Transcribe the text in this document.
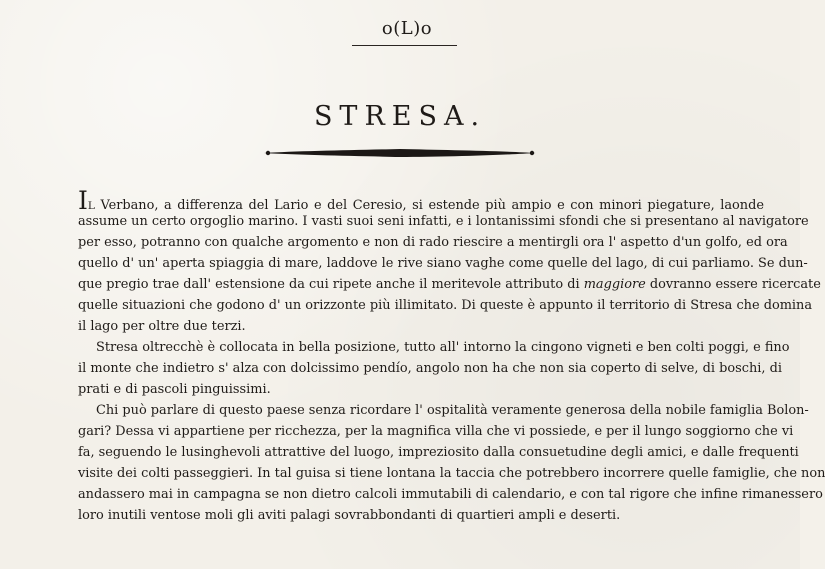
o(L)o
STRESA.
IL Verbano, a differenza del Lario e del Ceresio, si estende più ampio e con minori piegature, laonde
assume un certo orgoglio marino. I vasti suoi seni infatti, e i lontanissimi sfondi che si presentano al navigatore
per esso, potranno con qualche argomento e non di rado riescire a mentirgli ora l' aspetto d'un golfo, ed ora
quello d' un' aperta spiaggia di mare, laddove le rive siano vaghe come quelle del lago, di cui parliamo. Se dun-
que pregio trae dall' estensione da cui ripete anche il meritevole attributo di maggiore dovranno essere ricercate
quelle situazioni che godono d' un orizzonte più illimitato. Di queste è appunto il territorio di Stresa che domina
il lago per oltre due terzi.
Stresa oltrecchè è collocata in bella posizione, tutto all' intorno la cingono vigneti e ben colti poggi, e fino
il monte che indietro s' alza con dolcissimo pendío, angolo non ha che non sia coperto di selve, di boschi, di
prati e di pascoli pinguissimi.
Chi può parlare di questo paese senza ricordare l' ospitalità veramente generosa della nobile famiglia Bolon-
gari? Dessa vi appartiene per ricchezza, per la magnifica villa che vi possiede, e per il lungo soggiorno che vi
fa, seguendo le lusinghevoli attrattive del luogo, impreziosito dalla consuetudine degli amici, e dalle frequenti
visite dei colti passeggieri. In tal guisa si tiene lontana la taccia che potrebbero incorrere quelle famiglie, che non
andassero mai in campagna se non dietro calcoli immutabili di calendario, e con tal rigore che infine rimanessero
loro inutili ventose moli gli aviti palagi sovrabbondanti di quartieri ampli e deserti.
